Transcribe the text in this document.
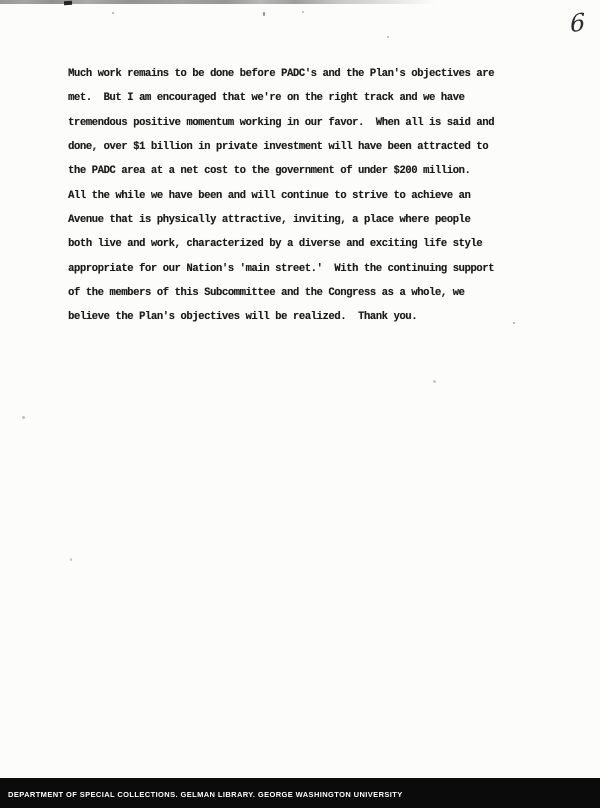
6
Much work remains to be done before PADC's and the Plan's objectives are
met.  But I am encouraged that we're on the right track and we have
tremendous positive momentum working in our favor.  When all is said and
done, over $1 billion in private investment will have been attracted to
the PADC area at a net cost to the government of under $200 million.
All the while we have been and will continue to strive to achieve an
Avenue that is physically attractive, inviting, a place where people
both live and work, characterized by a diverse and exciting life style
appropriate for our Nation's 'main street.'  With the continuing support
of the members of this Subcommittee and the Congress as a whole, we
believe the Plan's objectives will be realized.  Thank you.
DEPARTMENT OF SPECIAL COLLECTIONS. GELMAN LIBRARY. GEORGE WASHINGTON UNIVERSITY
